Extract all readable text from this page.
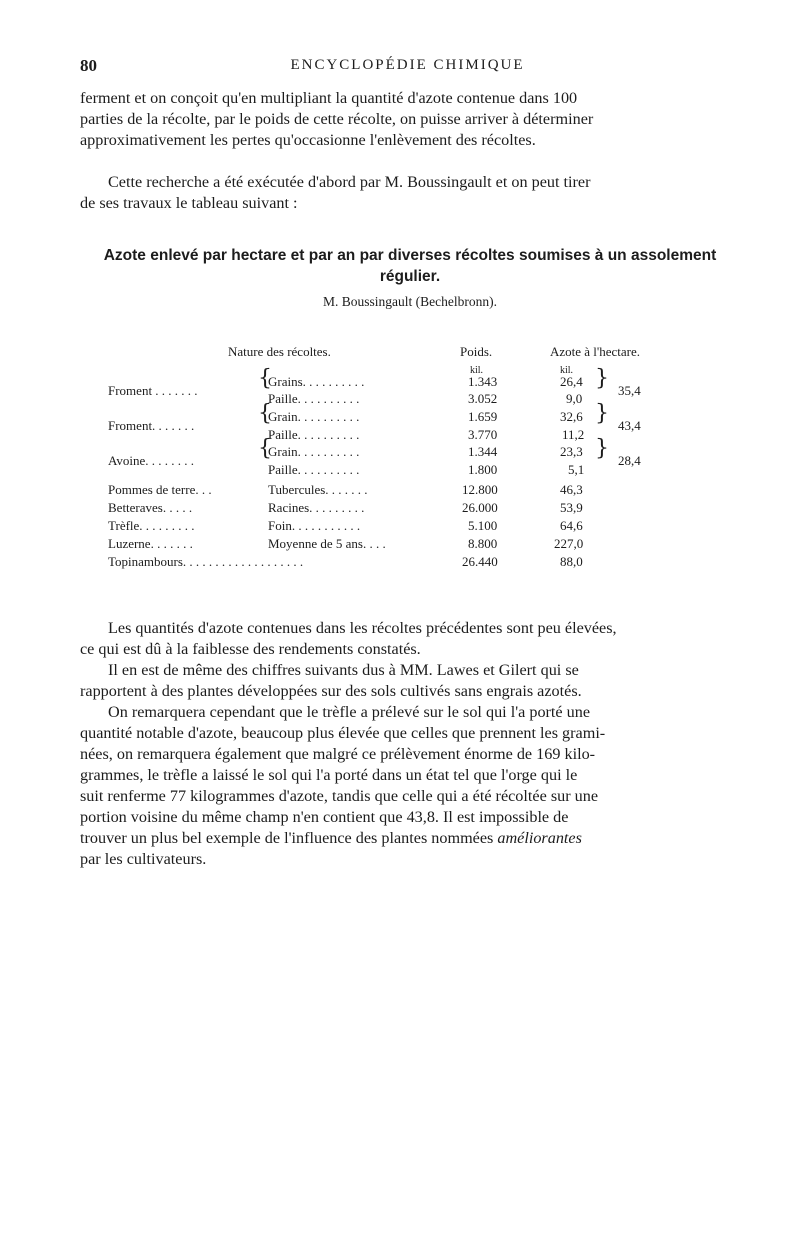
80	ENCYCLOPÉDIE CHIMIQUE
ferment et on conçoit qu'en multipliant la quantité d'azote contenue dans 100
parties de la récolte, par le poids de cette récolte, on puisse arriver à déterminer
approximativement les pertes qu'occasionne l'enlèvement des récoltes.
Cette recherche a été exécutée d'abord par M. Boussingault et on peut tirer
de ses travaux le tableau suivant :
Azote enlevé par hectare et par an par diverses récoltes soumises à un assolement
régulier.
M. Boussingault (Bechelbronn).
Nature des récoltes.	Poids.	Azote à l'hectare.
kil.	kil.
Froment . . . . . . .	{
Grains. . . . . . . . . .	1.343	26,4
Paille. . . . . . . . . .	3.052	9,0
} 35,4
Froment. . . . . . .	{
Grain. . . . . . . . . .	1.659	32,6
Paille. . . . . . . . . .	3.770	11,2
} 43,4
Avoine. . . . . . . .	{
Grain. . . . . . . . . .	1.344	23,3
Paille. . . . . . . . . .	1.800	5,1
} 28,4
Pommes de terre. . .	Tubercules. . . . . . .	12.800	46,3
Betteraves. . . . .	Racines. . . . . . . . .	26.000	53,9
Trèfle. . . . . . . . .	Foin. . . . . . . . . . .	5.100	64,6
Luzerne. . . . . . .	Moyenne de 5 ans. . . .	8.800	227,0
Topinambours. . . . . . . . . . . . . . . . . . .	26.440	88,0
Les quantités d'azote contenues dans les récoltes précédentes sont peu élevées,
ce qui est dû à la faiblesse des rendements constatés.
Il en est de même des chiffres suivants dus à MM. Lawes et Gilert qui se
rapportent à des plantes développées sur des sols cultivés sans engrais azotés.
On remarquera cependant que le trèfle a prélevé sur le sol qui l'a porté une
quantité notable d'azote, beaucoup plus élevée que celles que prennent les grami-
nées, on remarquera également que malgré ce prélèvement énorme de 169 kilo-
grammes, le trèfle a laissé le sol qui l'a porté dans un état tel que l'orge qui le
suit renferme 77 kilogrammes d'azote, tandis que celle qui a été récoltée sur une
portion voisine du même champ n'en contient que 43,8. Il est impossible de
trouver un plus bel exemple de l'influence des plantes nommées améliorantes
par les cultivateurs.
